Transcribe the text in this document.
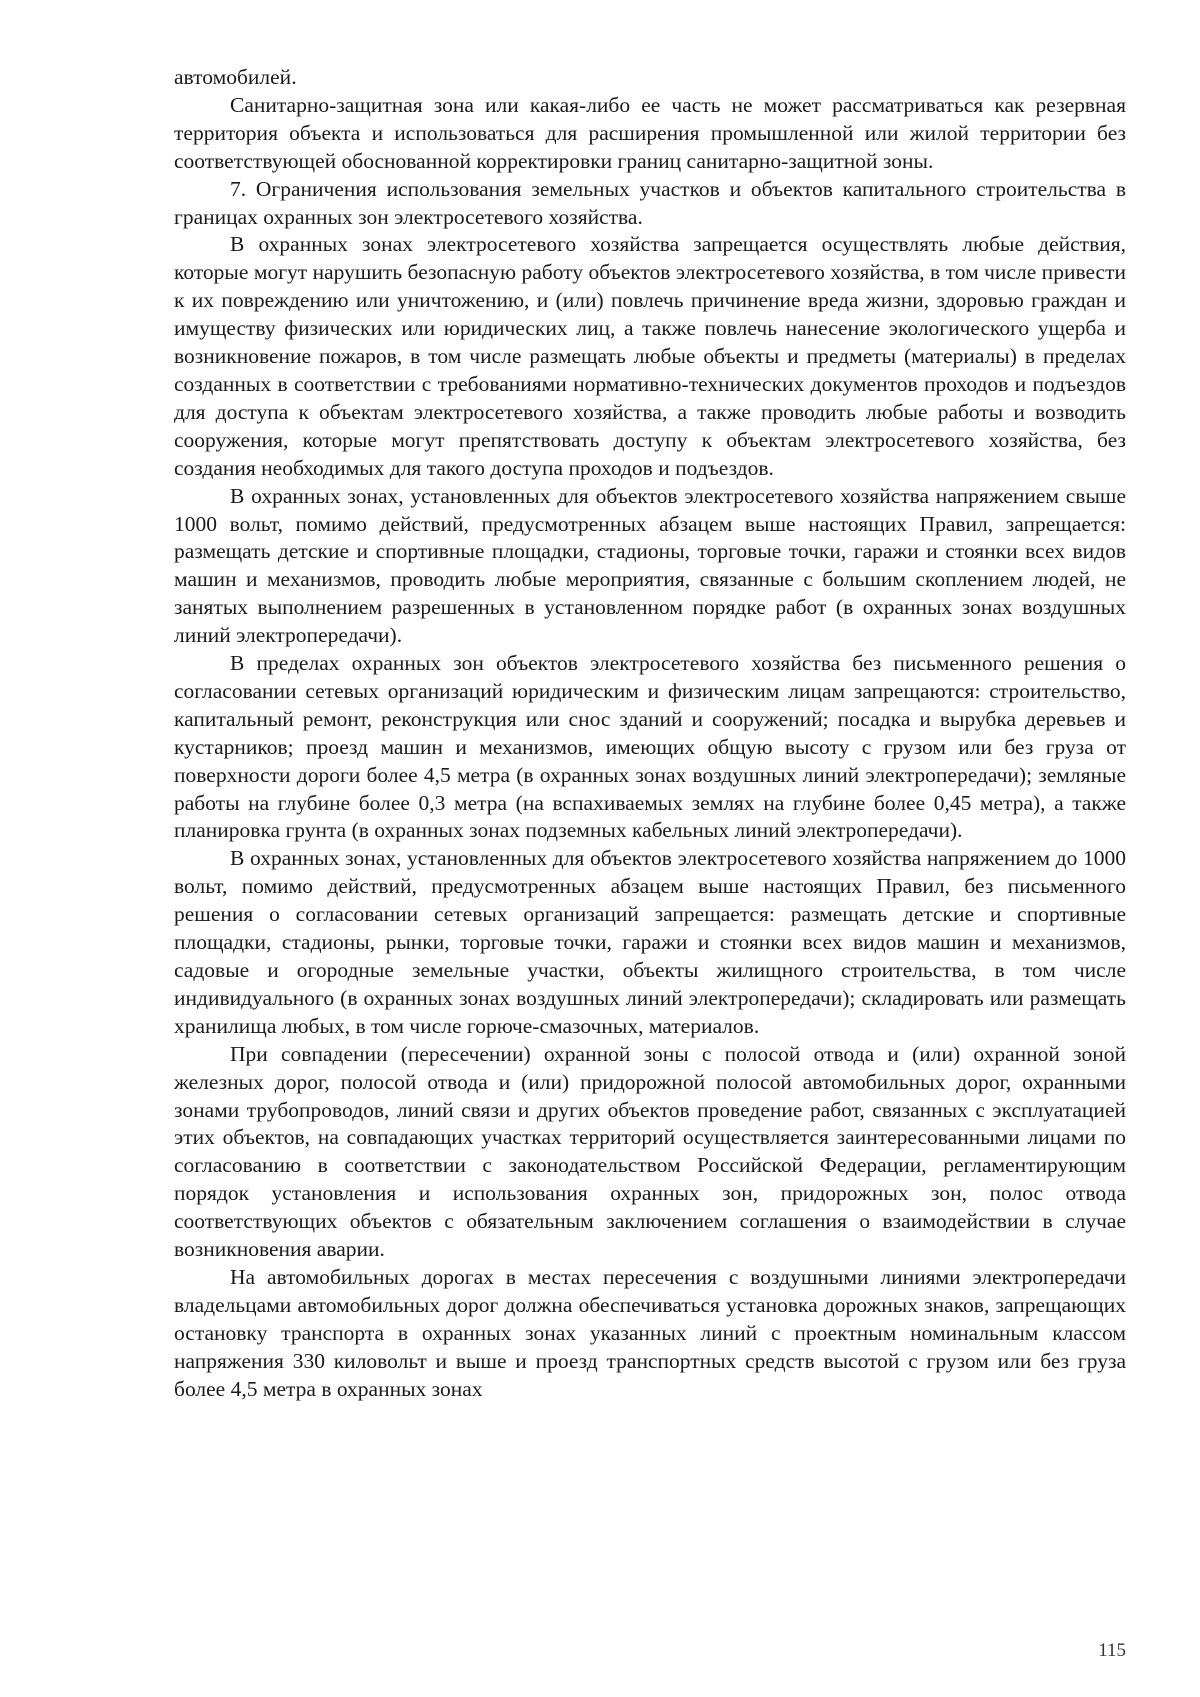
автомобилей.

Санитарно-защитная зона или какая-либо ее часть не может рассматриваться как резервная территория объекта и использоваться для расширения промышленной или жилой территории без соответствующей обоснованной корректировки границ санитарно-защитной зоны.

7. Ограничения использования земельных участков и объектов капитального строительства в границах охранных зон электросетевого хозяйства.

В охранных зонах электросетевого хозяйства запрещается осуществлять любые действия, которые могут нарушить безопасную работу объектов электросетевого хозяйства, в том числе привести к их повреждению или уничтожению, и (или) повлечь причинение вреда жизни, здоровью граждан и имуществу физических или юридических лиц, а также повлечь нанесение экологического ущерба и возникновение пожаров, в том числе размещать любые объекты и предметы (материалы) в пределах созданных в соответствии с требованиями нормативно-технических документов проходов и подъездов для доступа к объектам электросетевого хозяйства, а также проводить любые работы и возводить сооружения, которые могут препятствовать доступу к объектам электросетевого хозяйства, без создания необходимых для такого доступа проходов и подъездов.

В охранных зонах, установленных для объектов электросетевого хозяйства напряжением свыше 1000 вольт, помимо действий, предусмотренных абзацем выше настоящих Правил, запрещается: размещать детские и спортивные площадки, стадионы, торговые точки, гаражи и стоянки всех видов машин и механизмов, проводить любые мероприятия, связанные с большим скоплением людей, не занятых выполнением разрешенных в установленном порядке работ (в охранных зонах воздушных линий электропередачи).

В пределах охранных зон объектов электросетевого хозяйства без письменного решения о согласовании сетевых организаций юридическим и физическим лицам запрещаются: строительство, капитальный ремонт, реконструкция или снос зданий и сооружений; посадка и вырубка деревьев и кустарников; проезд машин и механизмов, имеющих общую высоту с грузом или без груза от поверхности дороги более 4,5 метра (в охранных зонах воздушных линий электропередачи); земляные работы на глубине более 0,3 метра (на вспахиваемых землях на глубине более 0,45 метра), а также планировка грунта (в охранных зонах подземных кабельных линий электропередачи).

В охранных зонах, установленных для объектов электросетевого хозяйства напряжением до 1000 вольт, помимо действий, предусмотренных абзацем выше настоящих Правил, без письменного решения о согласовании сетевых организаций запрещается: размещать детские и спортивные площадки, стадионы, рынки, торговые точки, гаражи и стоянки всех видов машин и механизмов, садовые и огородные земельные участки, объекты жилищного строительства, в том числе индивидуального (в охранных зонах воздушных линий электропередачи); складировать или размещать хранилища любых, в том числе горюче-смазочных, материалов.

При совпадении (пересечении) охранной зоны с полосой отвода и (или) охранной зоной железных дорог, полосой отвода и (или) придорожной полосой автомобильных дорог, охранными зонами трубопроводов, линий связи и других объектов проведение работ, связанных с эксплуатацией этих объектов, на совпадающих участках территорий осуществляется заинтересованными лицами по согласованию в соответствии с законодательством Российской Федерации, регламентирующим порядок установления и использования охранных зон, придорожных зон, полос отвода соответствующих объектов с обязательным заключением соглашения о взаимодействии в случае возникновения аварии.

На автомобильных дорогах в местах пересечения с воздушными линиями электропередачи владельцами автомобильных дорог должна обеспечиваться установка дорожных знаков, запрещающих остановку транспорта в охранных зонах указанных линий с проектным номинальным классом напряжения 330 киловольт и выше и проезд транспортных средств высотой с грузом или без груза более 4,5 метра в охранных зонах

115
